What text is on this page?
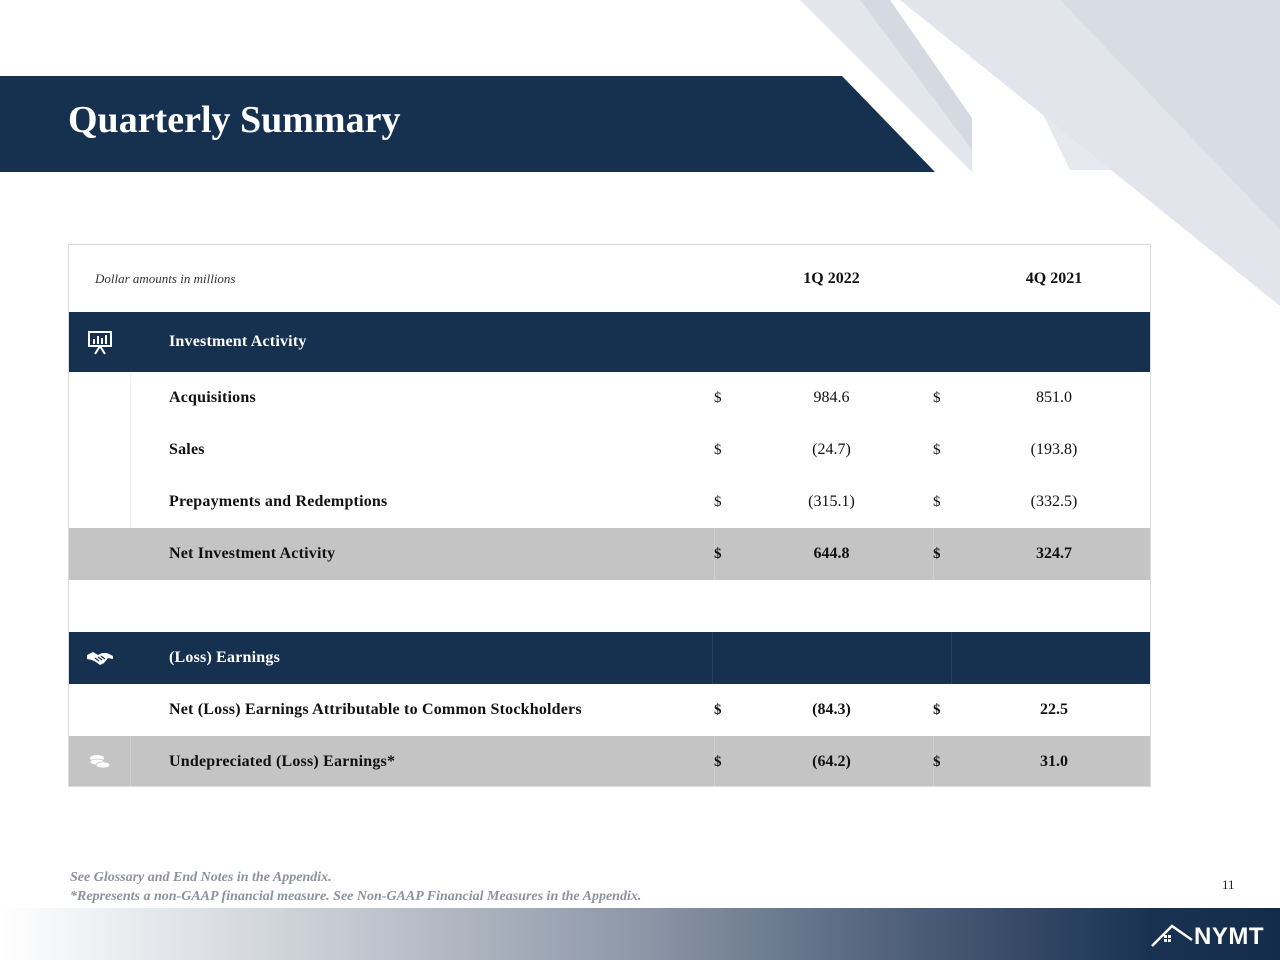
Quarterly Summary
Dollar amounts in millions	1Q 2022	4Q 2021
Investment Activity
Acquisitions	$	984.6	$	851.0
Sales	$	(24.7)	$	(193.8)
Prepayments and Redemptions	$	(315.1)	$	(332.5)
Net Investment Activity	$	644.8	$	324.7
(Loss) Earnings
Net (Loss) Earnings Attributable to Common Stockholders	$	(84.3)	$	22.5
Undepreciated (Loss) Earnings*	$	(64.2)	$	31.0

See Glossary and End Notes in the Appendix.

*Represents a non-GAAP financial measure. See Non-GAAP Financial Measures in the Appendix.

11
NYMT
